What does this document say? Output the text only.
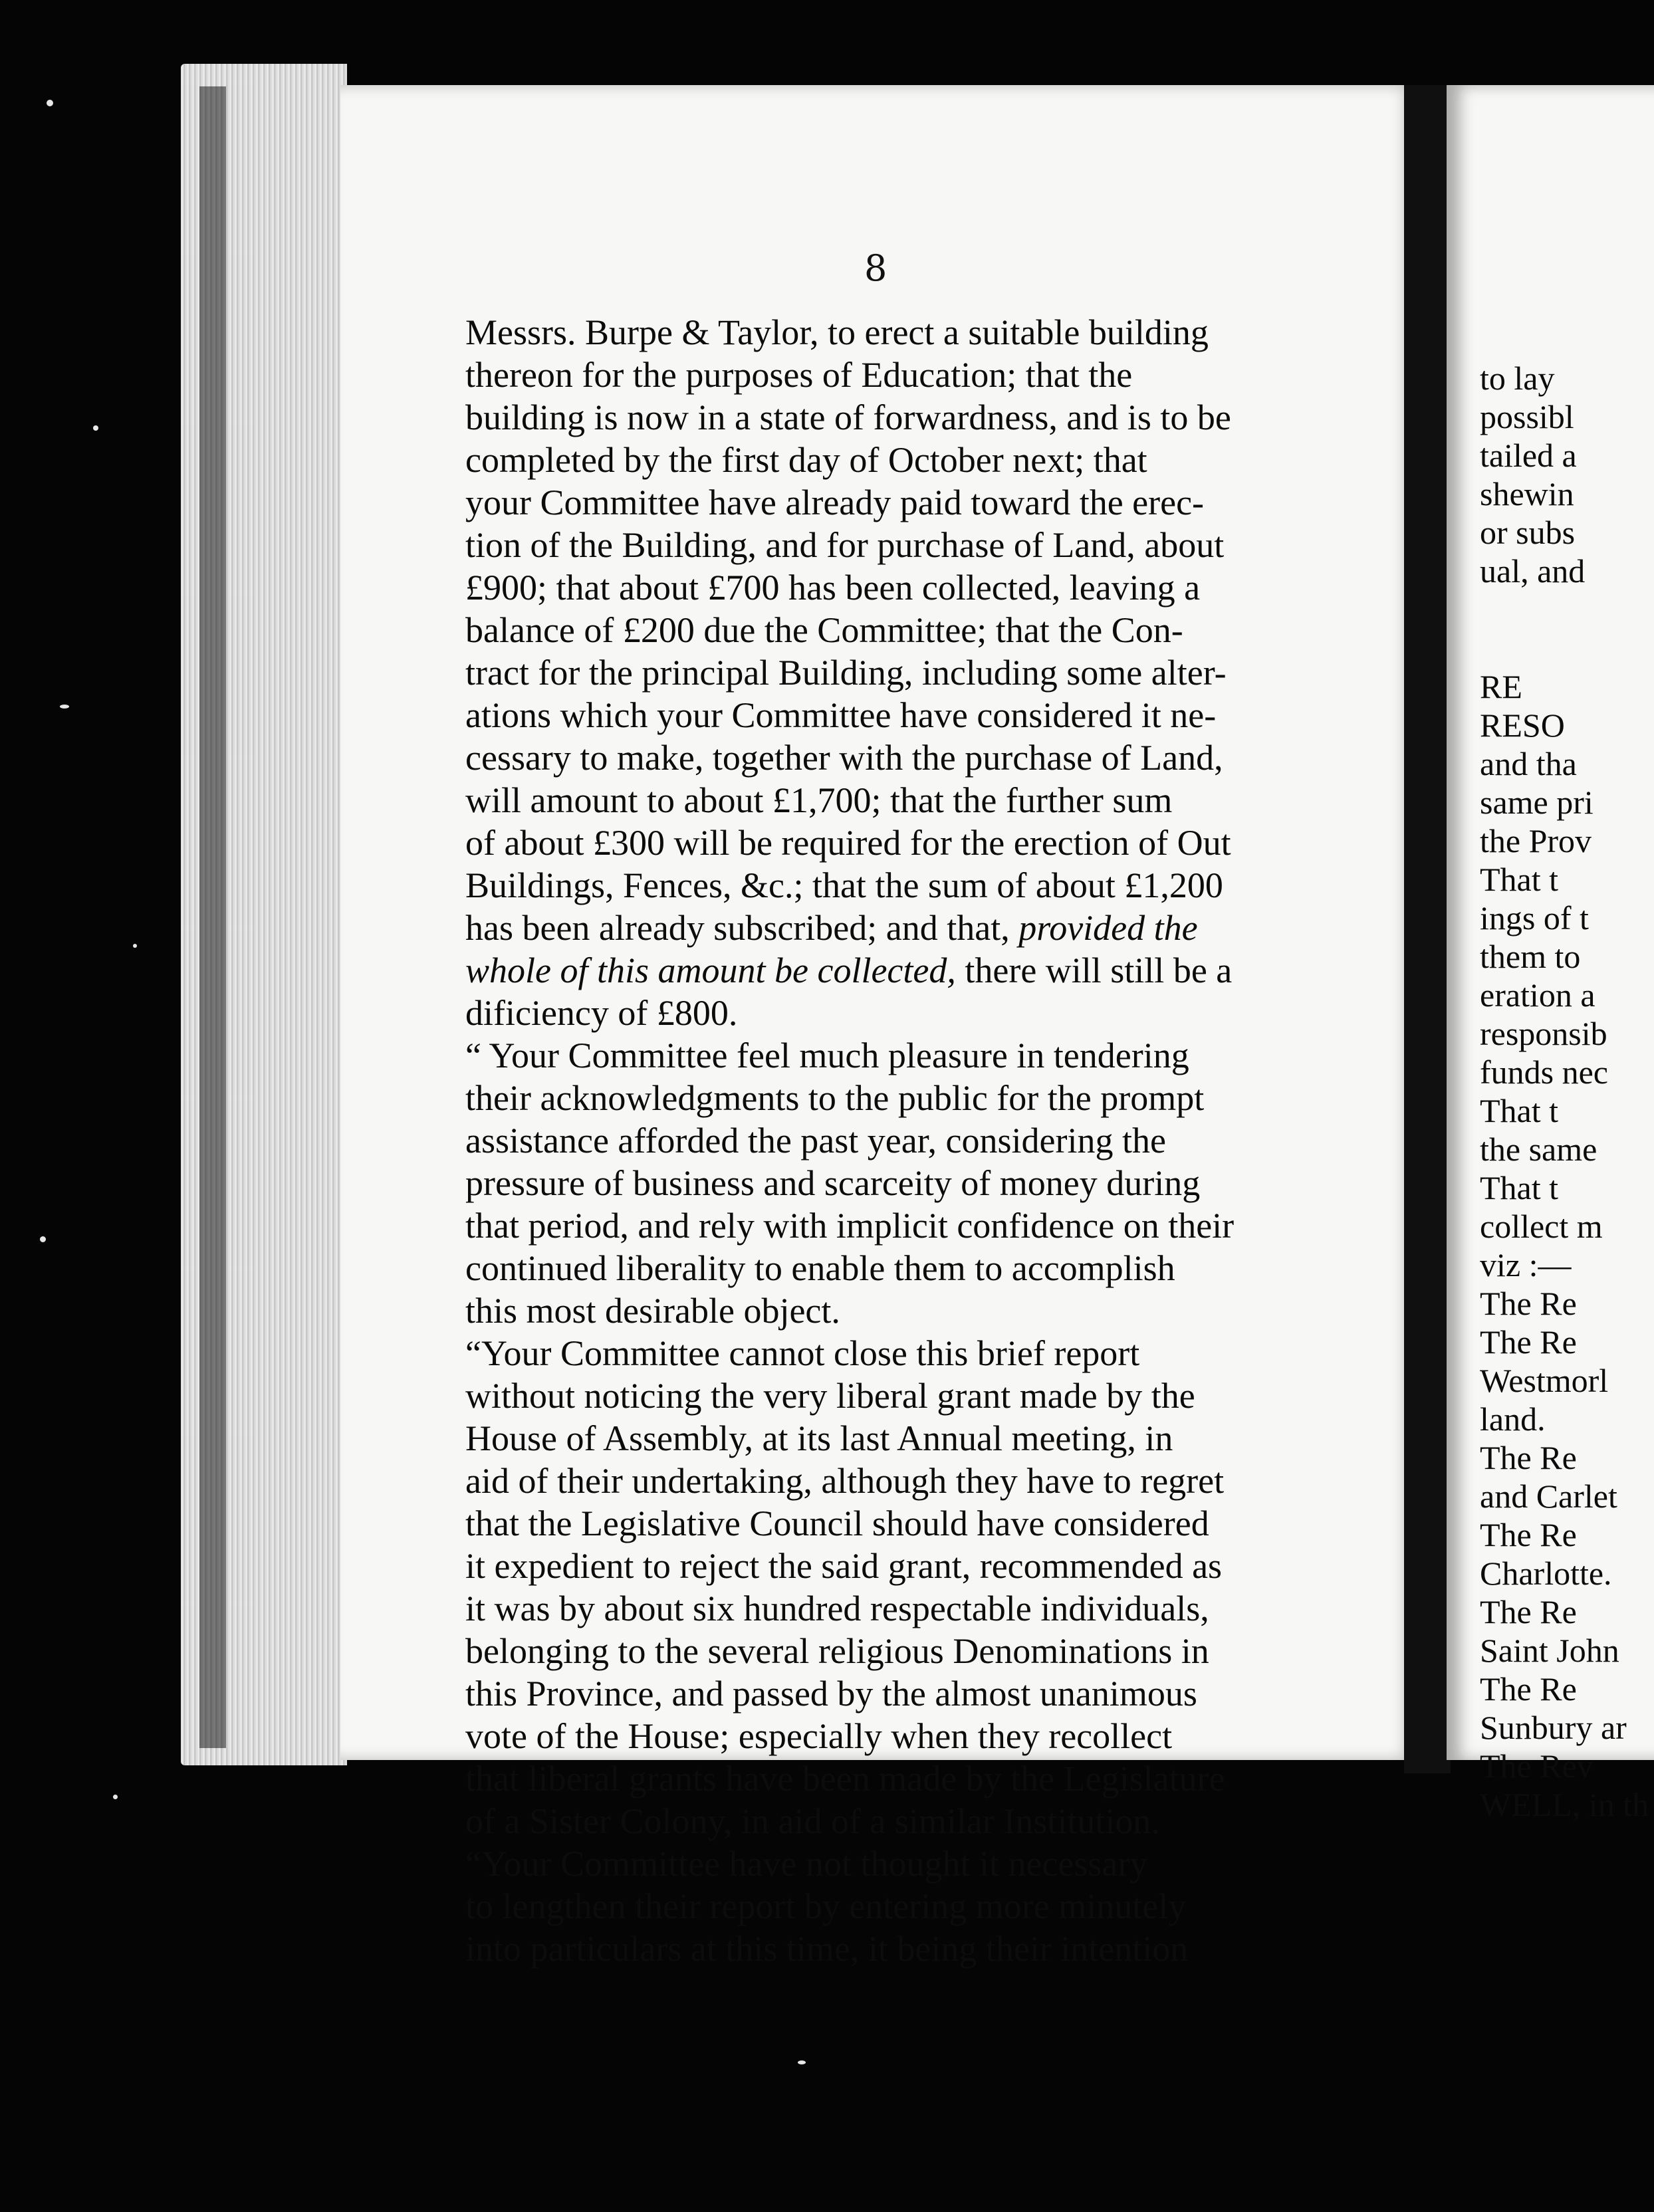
8

Messrs. Burpe & Taylor, to erect a suitable building
thereon for the purposes of Education; that the
building is now in a state of forwardness, and is to be
completed by the first day of October next; that
your Committee have already paid toward the erec-
tion of the Building, and for purchase of Land, about
£900; that about £700 has been collected, leaving a
balance of £200 due the Committee; that the Con-
tract for the principal Building, including some alter-
ations which your Committee have considered it ne-
cessary to make, together with the purchase of Land,
will amount to about £1,700; that the further sum
of about £300 will be required for the erection of Out
Buildings, Fences, &c.; that the sum of about £1,200
has been already subscribed; and that, provided the
whole of this amount be collected, there will still be a
dificiency of £800.

“ Your Committee feel much pleasure in tendering
their acknowledgments to the public for the prompt
assistance afforded the past year, considering the
pressure of business and scarceity of money during
that period, and rely with implicit confidence on their
continued liberality to enable them to accomplish
this most desirable object.

“Your Committee cannot close this brief report
without noticing the very liberal grant made by the
House of Assembly, at its last Annual meeting, in
aid of their undertaking, although they have to regret
that the Legislative Council should have considered
it expedient to reject the said grant, recommended as
it was by about six hundred respectable individuals,
belonging to the several religious Denominations in
this Province, and passed by the almost unanimous
vote of the House; especially when they recollect
that liberal grants have been made by the Legislature
of a Sister Colony, in aid of a similar Institution.

“Your Committee have not thought it necessary
to lengthen their report by entering more minutely
into particulars at this time, it being their intention

to lay
possibl
tailed a
shewin
or subs
ual, and
RE
RESO
and tha
same pri
the Prov
That t
ings of t
them to
eration a
responsib
funds nec
That t
the same
That t
collect m
viz :—
The Re
The Re
Westmorl
land.
The Re
and Carlet
The Re
Charlotte.
The Re
Saint John
The Re
Sunbury ar
The Rev
WELL, in th
